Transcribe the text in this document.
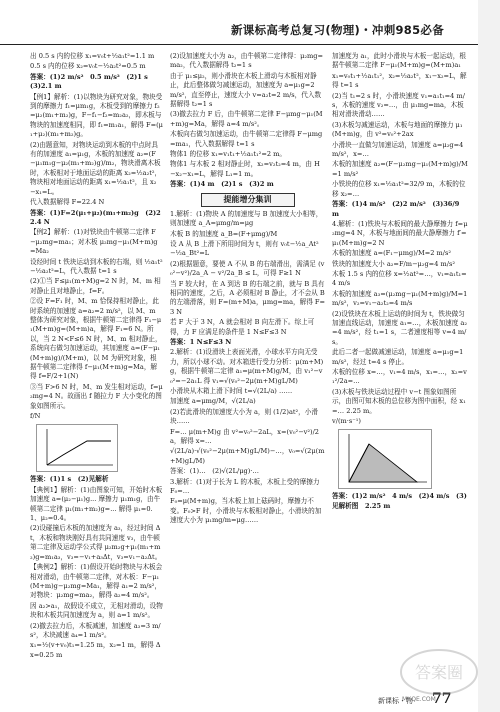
新课标高考总复习(物理)・冲刺985必备

出 0.5 s 内的位移 x₁=v₀t+½a₁t²=1.1 m

0.5 s 内的位移 x₂=v₀t−½a₂t²=0.5 m

答案：(1)2 m/s²　0.5 m/s²　(2)1 s　(3)2.1 m

【例1】解析：(1)以物块为研究对象，物块受到的摩擦力 f₁=μm₁g，木板受到的摩擦力 f₂=μ₂(m₁+m₂)g，F−f₁−f₂=m₂a₂，即木板与物块的加速度相同，即 f₁=m₁a₁，解得 F=(μ₁+μ₂)(m₁+m₂)g。

(2)由题意知，对物块运动到木板的中点时具有的加速度 a₁=μ₁g，木板的加速度 a₂=(F−μ₁m₁g−μ₂(m₁+m₂)g)/m₂，物块滑离木板时，木板相对于地面运动的距离 x₂=½a₂t²，物块相对地面运动的距离 x₁=½a₁t²，且 x₂−x₁=L。

代入数据解得 F=22.4 N

答案：(1)F=2(μ₁+μ₂)(m₁+m₂)g　(2)22.4 N

【例2】解析：(1)对铁块由牛顿第二定律 F−μ₂mg=ma₁；对木板 μ₂mg−μ₁(M+m)g=Ma₂

设经时间 t 铁块运动到木板的右端，则 ½a₁t²−½a₂t²=L，代入数据 t=1 s

(2)①当 F≤μ₁(m+M)g=2 N 时，M、m 相对静止且对地静止，f=F。

②设 F=F₁ 时，M、m 恰保持相对静止，此时系统的加速度 a=a₂=2 m/s²，以 M、m 整体为研究对象，根据牛顿第二定律得 F₁−μ₁(M+m)g=(M+m)a，解得 F₁=6 N。所以，当 2 N<F≤6 N 时，M、m 相对静止，系统向右做匀加速运动，其加速度 a=(F−μ₁(M+m)g)/(M+m)，以 M 为研究对象，根据牛顿第二定律得 f−μ₁(M+m)g=Ma，解得 f=F/2+1(N)

③当 F>6 N 时，M、m 发生相对运动，f=μ₂mg=4 N。故画出 f 随拉力 F 大小变化的图象如图所示。

f/N

答案：(1)1 s　(2)见解析

【典例1】解析：(1)由图象可知，开始时木板加速度 a=(μ₂−μ₁)g... 摩擦力 μ₁m₁g，由牛顿第二定律 μ₁(m₁+m₂)g=... 解得 μ₁=0.1、μ₂=0.4。

(2)设碰撞后木板的加速度为 a₃，经过时间 Δt，木板和物块刚好具有共同速度 v₃，由牛顿第二定律及运动学公式得 μ₂m₂g+μ₁(m₁+m₂)g=m₁a₃，v₃=−v₁+a₃Δt，v₃=v₁−a₂Δt。

【典例2】解析：(1)假设开始时物块与木板会相对滑动，由牛顿第二定律，对木板：F−μ₁(M+m)g−μ₂mg=Ma₁，解得 a₁=2 m/s²，对物块：μ₂mg=ma₂，解得 a₂=4 m/s²。

因 a₂>a₁，故假设不成立，无相对滑动，设物块和木板共同加速度为 a，则 a=1 m/s²。

(2)撤去拉力后，木板减速，加速度 a₃=3 m/s²，木块减速 a₄=1 m/s²。

x₁=½(v+v₀)t₁=1.25 m，x₂=1 m，解得 Δx=0.25 m

(2)设加速度大小为 a₂，由牛顿第二定律得：μ₂mg=ma₂，代入数据解得 t₂=1 s

由于 μ₁≤μ₂，则小滑块在木板上滑动与木板相对静止，此后整体做匀减速运动，加速度为 a=μ₁g=2 m/s²，直至停止，速度大小 v=a₂t=2 m/s，代入数据解得 t₂=1 s

(3)撤去拉力 F 后，由牛顿第二定律 F−μmg−μ₁(M+m)g=Ma，解得 a=4 m/s²。

木板向右做匀加速运动，由牛顿第二定律得 F−μmg=ma₁，代入数据解得 t=1 s

物体1 的位移 x₁=v₁t₁+½a₁t₁²=2 m。

物体1 与木板 2 相对静止时，x₂=v₂t₂=4 m，由 H−x₂−x₁=L，解得 L₁=1 m。

答案：(1)4 m　(2)1 s　(3)2 m

提能增分集训

1.解析：(1)物块 A 的加速度与 B 加速度大小相等，则加速度 a_A=μmg/m=μg

木板 B 的加速度 a_B=(F+μmg)/M

设 A 从 B 上滑下所用时间为 t，则有 v₀t−½a_At²−½a_Bt²=L

(2)根据题意，要使 A 不从 B 的右端滑出，需满足 (v₀²−v²)/2a_A − v²/2a_B ≤ L，可得 F≥1 N

当 F 较大时，在 A 到达 B 的右端之前，就与 B 具有相同的速度，之后，A 必须相对 B 静止，才不会从 B 的左端滑落，则 F=(m+M)a，μmg=ma，解得 F=3 N

若 F 大于 3 N，A 就会相对 B 向左滑下。综上可得，力 F 应满足的条件是 1 N≤F≤3 N

答案：1 N≤F≤3 N

2.解析：(1)设滑块上表面光滑，小球水平方向无受力，所以小球不动。对木箱进行受力分析：μ(m+M)g，根据牛顿第二定律 a₁=μ(m+M)g/M，由 v₁²−v₀²=−2a₁L 得 v₁=√(v₀²−2μ(m+M)gL/M)

小滑块从木箱上滑下时间 t=√(2L/a) ……

加速度 a=μmg/M，√(2L/a)

(2)若此滑块的加速度大小为 a，则 (1/2)at²，小滑块……

F=… μ(m+M)g 由 v²=v₀²−2aL，x=(v₀²−v²)/2a，解得 x=…

√(2L/a)·√(v₀²−2μ(m+M)gL/M)−…，v₀=√(2μ(m+M)gL/M)

答案：(1)…　(2)√(2L/μg)·…

3.解析：(1)对于长为 L 的木板，木板上受的摩擦力 F₀=…

F₀=μ(M+m)g，当木板上加上砝码时，摩擦力不变。F₀>F 时，小滑块与木板相对静止，小滑块的加速度大小为 μ₁mg/m=μg……

加速度为 a₁，此时小滑块与木板一起运动，根据牛顿第二定律 F−μ₁(M+m)g=(M+m)a₁

x₁=v₀t₁+½a₁t₁²，x₂=½a₂t²，x₁−x₂=L，解得 t=1 s

(2)当 t₁=2 s 时，小滑块速度 v₁=a₁t₁=4 m/s，木板的速度 v₂=…，由 μ₁mg=ma，木板相对滑块滑动……

(3)木板匀减速运动，木板与地面的摩擦力 μ₁(M+m)g，由 v²=v₀²+2ax

小滑块一直做匀加速运动，加速度 a=μ₂g=4 m/s²，x=…

木板的加速度 a₂=(F−μ₂mg−μ₁(M+m)g)/M=1 m/s²

小铁块的位移 x₁=½a₁t²=32/9 m，木板的位移 x₂=…

答案：(1)4 m/s²　(2)2 m/s²　(3)36/9 m

4.解析：(1)铁块与木板间的最大静摩擦力 f=μ₂mg=4 N，木板与地面间的最大静摩擦力 f′=μ₁(M+m)g=2 N

木板的加速度 a=(F₁−μmg)/M=2 m/s²

铁块的加速度大小 a₂=F/m−μ₂g=4 m/s²

木板 1.5 s 内的位移 x=½at²=…，v₁=a₁t₁=4 m/s

木板的加速度 a₃=(μ₂mg−μ₁(M+m)g)/M=1 m/s²，v₂=v₁−a₂t₂=4 m/s

(2)设铁块在木板上运动的时间为 t，铁块做匀加速直线运动，加速度 a₁=…，木板加速度 a₂=4 m/s²，经 t₁=1 s，二者速度相等 v=4 m/s。

此后二者一起做减速运动，加速度 a=μ₁g=1 m/s²，经过 t=4 s 停止。

木板的位移 x=…，v₁=4 m/s，x₁=…，x₂=v₁²/2a=…

(3)木板与铁块运动过程中 v−t 图象如图所示，由图可知木板的总位移为图中面积，经 x₁=… 2.25 m。

v/(m·s⁻¹)

答案：(1)2 m/s²　4 m/s　(2)4 m/s　(3)见解析图　2.25 m

新课标・物 77
答案圈
MXQE.COM
